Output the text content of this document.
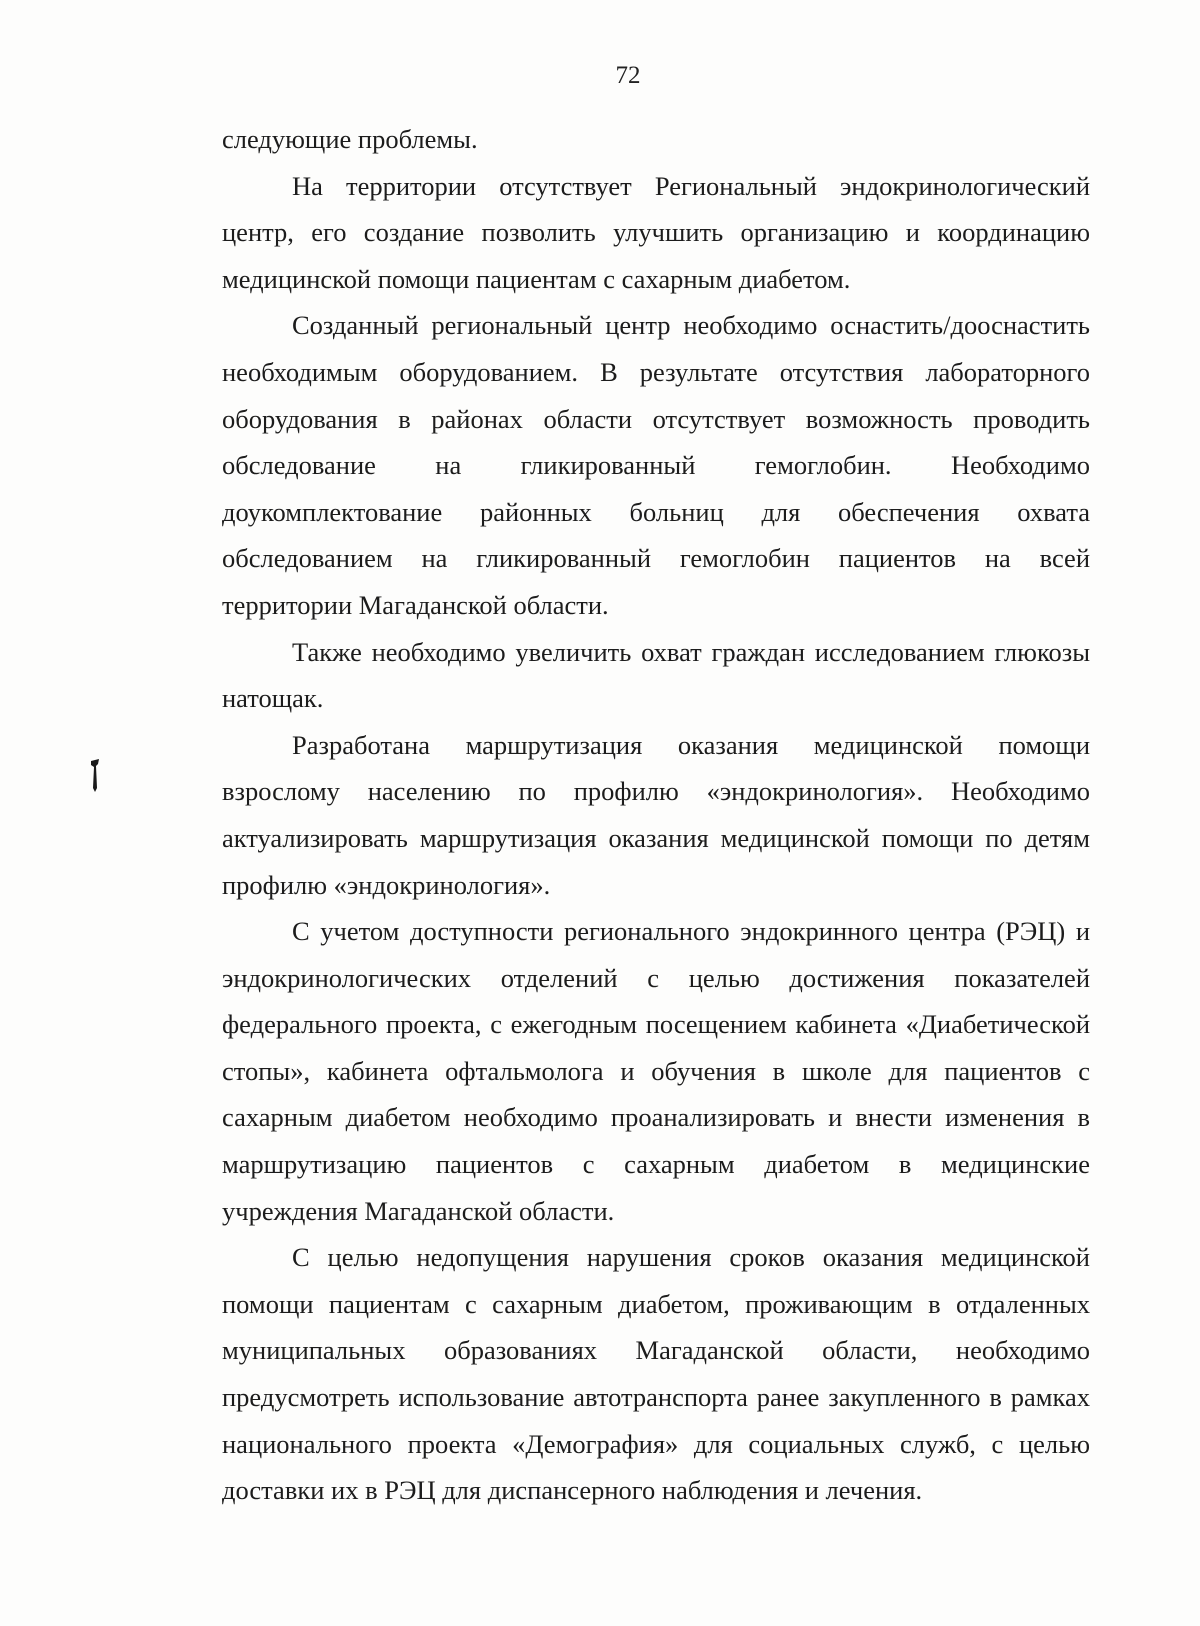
72

следующие проблемы.

На территории отсутствует Региональный эндокринологический центр, его создание позволить улучшить организацию и координацию медицинской помощи пациентам с сахарным диабетом.

Созданный региональный центр необходимо оснастить/дооснастить необходимым оборудованием. В результате отсутствия лабораторного оборудования в районах области отсутствует возможность проводить обследование на гликированный гемоглобин. Необходимо доукомплектование районных больниц для обеспечения охвата обследованием на гликированный гемоглобин пациентов на всей территории Магаданской области.

Также необходимо увеличить охват граждан исследованием глюкозы натощак.

Разработана маршрутизация оказания медицинской помощи взрослому населению по профилю «эндокринология». Необходимо актуализировать маршрутизация оказания медицинской помощи по детям профилю «эндокринология».

С учетом доступности регионального эндокринного центра (РЭЦ) и эндокринологических отделений с целью достижения показателей федерального проекта, с ежегодным посещением кабинета «Диабетической стопы», кабинета офтальмолога и обучения в школе для пациентов с сахарным диабетом необходимо проанализировать и внести изменения в маршрутизацию пациентов с сахарным диабетом в медицинские учреждения Магаданской области.

С целью недопущения нарушения сроков оказания медицинской помощи пациентам с сахарным диабетом, проживающим в отдаленных муниципальных образованиях Магаданской области, необходимо предусмотреть использование автотранспорта ранее закупленного в рамках национального проекта «Демография» для социальных служб, с целью доставки их в РЭЦ для диспансерного наблюдения и лечения.
